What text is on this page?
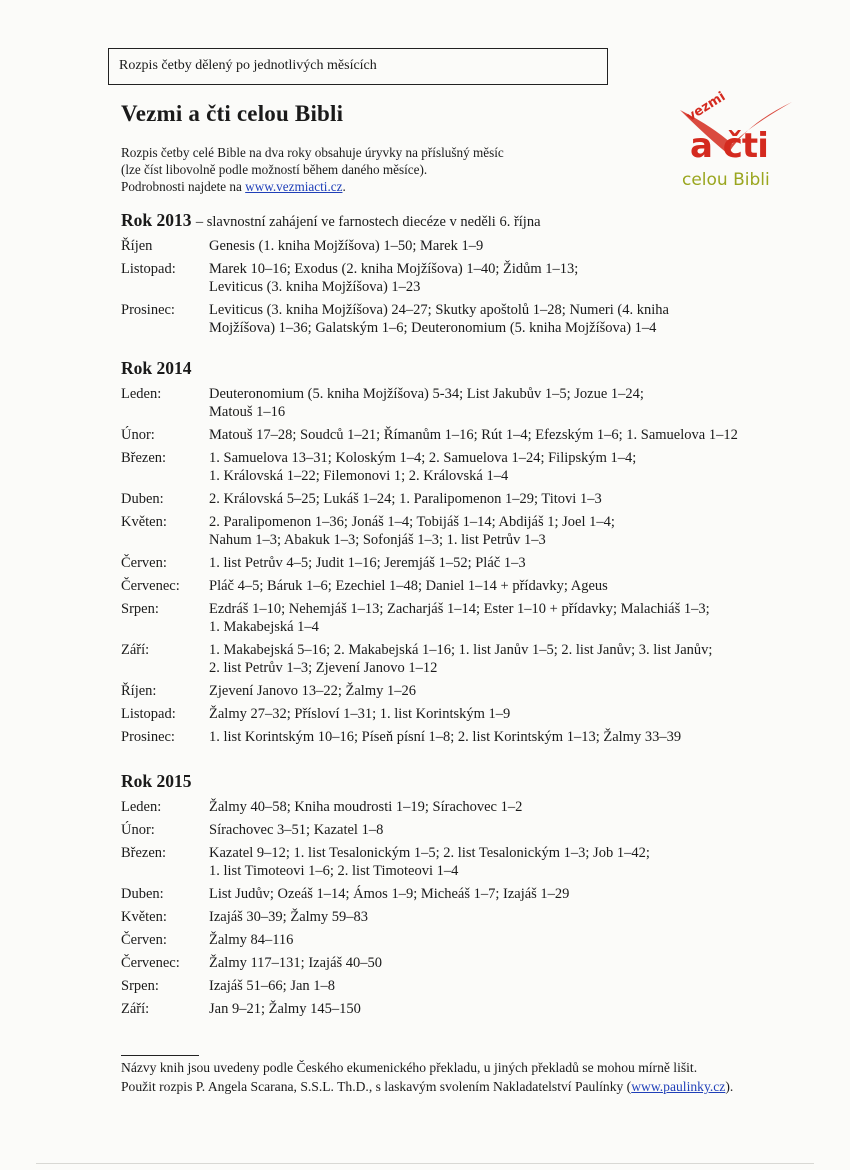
Rozpis četby dělený po jednotlivých měsících
Vezmi a čti celou Bibli
Rozpis četby celé Bible na dva roky obsahuje úryvky na příslušný měsíc
(lze číst libovolně podle možností během daného měsíce).
Podrobnosti najdete na www.vezmiacti.cz.
vezmi
a čti
celou Bibli
Rok 2013 – slavnostní zahájení ve farnostech diecéze v neděli 6. října
Říjen	Genesis (1. kniha Mojžíšova) 1–50; Marek 1–9
Listopad:	Marek 10–16; Exodus (2. kniha Mojžíšova) 1–40; Židům 1–13;
Leviticus (3. kniha Mojžíšova) 1–23
Prosinec:	Leviticus (3. kniha Mojžíšova) 24–27; Skutky apoštolů 1–28; Numeri (4. kniha
Mojžíšova) 1–36; Galatským 1–6; Deuteronomium (5. kniha Mojžíšova) 1–4
Rok 2014
Leden:	Deuteronomium (5. kniha Mojžíšova) 5-34; List Jakubův 1–5; Jozue 1–24;
Matouš 1–16
Únor:	Matouš 17–28; Soudců 1–21; Římanům 1–16; Rút 1–4; Efezským 1–6; 1. Samuelova 1–12
Březen:	1. Samuelova 13–31; Koloským 1–4; 2. Samuelova 1–24; Filipským 1–4;
1. Královská 1–22; Filemonovi 1; 2. Královská 1–4
Duben:	2. Královská 5–25; Lukáš 1–24; 1. Paralipomenon 1–29; Titovi 1–3
Květen:	2. Paralipomenon 1–36; Jonáš 1–4; Tobijáš 1–14; Abdijáš 1; Joel 1–4;
Nahum 1–3; Abakuk 1–3; Sofonjáš 1–3; 1. list Petrův 1–3
Červen:	1. list Petrův 4–5; Judit 1–16; Jeremjáš 1–52; Pláč 1–3
Červenec:	Pláč 4–5; Báruk 1–6; Ezechiel 1–48; Daniel 1–14 + přídavky; Ageus
Srpen:	Ezdráš 1–10; Nehemjáš 1–13; Zacharjáš 1–14; Ester 1–10 + přídavky; Malachiáš 1–3;
1. Makabejská 1–4
Září:	1. Makabejská 5–16; 2. Makabejská 1–16; 1. list Janův 1–5; 2. list Janův; 3. list Janův;
2. list Petrův 1–3; Zjevení Janovo 1–12
Říjen:	Zjevení Janovo 13–22; Žalmy 1–26
Listopad:	Žalmy 27–32; Přísloví 1–31; 1. list Korintským 1–9
Prosinec:	1. list Korintským 10–16; Píseň písní 1–8; 2. list Korintským 1–13; Žalmy 33–39
Rok 2015
Leden:	Žalmy 40–58; Kniha moudrosti 1–19; Sírachovec 1–2
Únor:	Sírachovec 3–51; Kazatel 1–8
Březen:	Kazatel 9–12; 1. list Tesalonickým 1–5; 2. list Tesalonickým 1–3; Job 1–42;
1. list Timoteovi 1–6; 2. list Timoteovi 1–4
Duben:	List Judův; Ozeáš 1–14; Ámos 1–9; Micheáš 1–7; Izajáš 1–29
Květen:	Izajáš 30–39; Žalmy 59–83
Červen:	Žalmy 84–116
Červenec:	Žalmy 117–131; Izajáš 40–50
Srpen:	Izajáš 51–66; Jan 1–8
Září:	Jan 9–21; Žalmy 145–150
Názvy knih jsou uvedeny podle Českého ekumenického překladu, u jiných překladů se mohou mírně lišit.
Použit rozpis P. Angela Scarana, S.S.L. Th.D., s laskavým svolením Nakladatelství Paulínky (www.paulinky.cz).
